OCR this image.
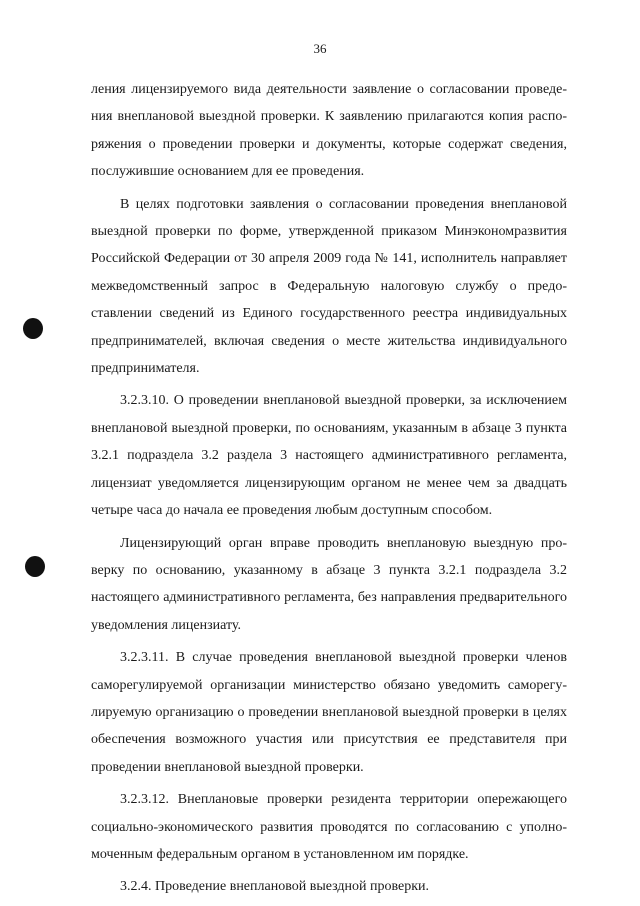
36

ления лицензируемого вида деятельности заявление о согласовании проведения внеплановой выездной проверки. К заявлению прилагаются копия распоряжения о проведении проверки и документы, которые содержат сведения, послужившие основанием для ее проведения.

В целях подготовки заявления о согласовании проведения внеплановой выездной проверки по форме, утвержденной приказом Минэкономразвития Российской Федерации от 30 апреля 2009 года № 141, исполнитель направляет межведомственный запрос в Федеральную налоговую службу о предоставлении сведений из Единого государственного реестра индивидуальных предпринимателей, включая сведения о месте жительства индивидуального предпринимателя.

3.2.3.10. О проведении внеплановой выездной проверки, за исключением внеплановой выездной проверки, по основаниям, указанным в абзаце 3 пункта 3.2.1 подраздела 3.2 раздела 3 настоящего административного регламента, лицензиат уведомляется лицензирующим органом не менее чем за двадцать четыре часа до начала ее проведения любым доступным способом.

Лицензирующий орган вправе проводить внеплановую выездную проверку по основанию, указанному в абзаце 3 пункта 3.2.1 подраздела 3.2 настоящего административного регламента, без направления предварительного уведомления лицензиату.

3.2.3.11. В случае проведения внеплановой выездной проверки членов саморегулируемой организации министерство обязано уведомить саморегулируемую организацию о проведении внеплановой выездной проверки в целях обеспечения возможного участия или присутствия ее представителя при проведении внеплановой выездной проверки.

3.2.3.12. Внеплановые проверки резидента территории опережающего социально-экономического развития проводятся по согласованию с уполномоченным федеральным органом в установленном им порядке.

3.2.4. Проведение внеплановой выездной проверки.
